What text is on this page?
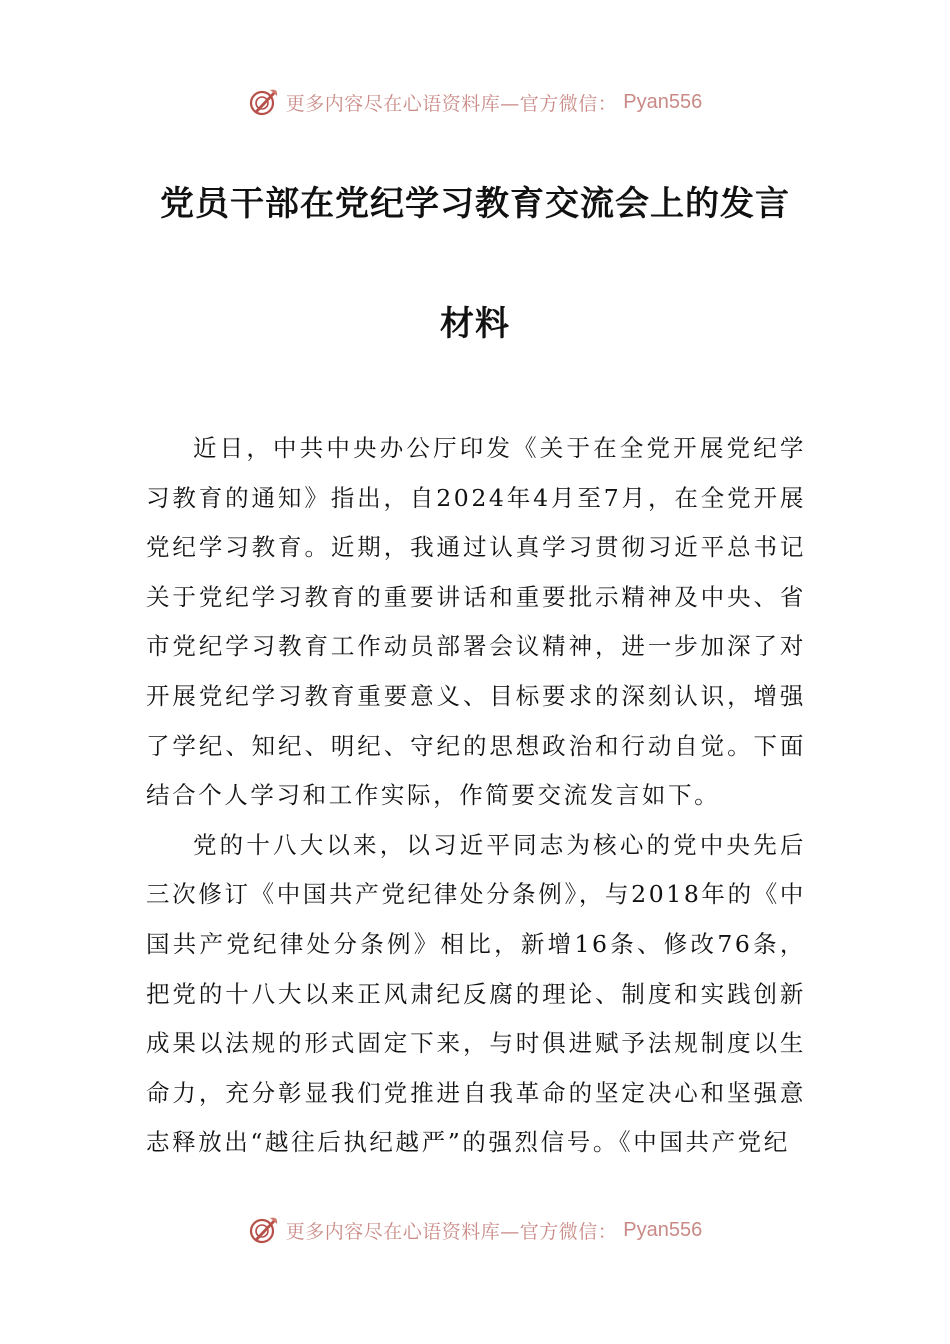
更多内容尽在心语资料库—官方微信： Pyan556
党员干部在党纪学习教育交流会上的发言
材料

近日，中共中央办公厅印发《关于在全党开展党纪学习教育的通知》指出，自2024年4月至7月，在全党开展党纪学习教育。近期，我通过认真学习贯彻习近平总书记关于党纪学习教育的重要讲话和重要批示精神及中央、省市党纪学习教育工作动员部署会议精神，进一步加深了对开展党纪学习教育重要意义、目标要求的深刻认识，增强了学纪、知纪、明纪、守纪的思想政治和行动自觉。下面结合个人学习和工作实际，作简要交流发言如下。

党的十八大以来，以习近平同志为核心的党中央先后三次修订《中国共产党纪律处分条例》，与2018年的《中国共产党纪律处分条例》相比，新增16条、修改76条，把党的十八大以来正风肃纪反腐的理论、制度和实践创新成果以法规的形式固定下来，与时俱进赋予法规制度以生命力，充分彰显我们党推进自我革命的坚定决心和坚强意志释放出“越往后执纪越严”的强烈信号。《中国共产党纪

更多内容尽在心语资料库—官方微信： Pyan556
